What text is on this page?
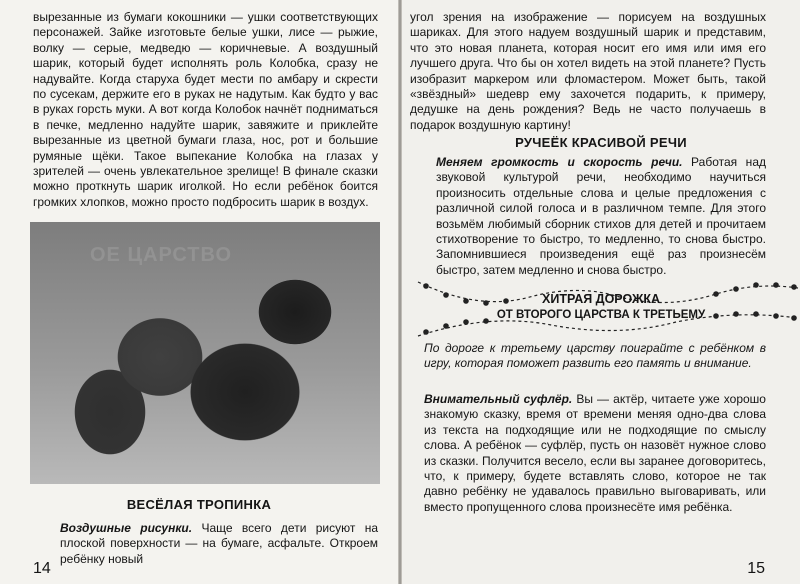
вырезанные из бумаги кокошники — ушки соответствующих персонажей. Зайке изготовьте белые ушки, лисе — рыжие, волку — серые, медведю — коричневые. А воздушный шарик, который будет исполнять роль Колобка, сразу не надувайте. Когда старуха будет мести по амбару и скрести по сусекам, держите его в руках не надутым. Как будто у вас в руках горсть муки. А вот когда Колобок начнёт подниматься в печке, медленно надуйте шарик, завяжите и приклейте вырезанные из цветной бумаги глаза, нос, рот и большие румяные щёки. Такое выпекание Колобка на глазах у зрителей — очень увлекательное зрелище! В финале сказки можно проткнуть шарик иголкой. Но если ребёнок боится громких хлопков, можно просто подбросить шарик в воздух.

ОЕ ЦАРСТВО
ВЕСЁЛАЯ ТРОПИНКА

Воздушные рисунки. Чаще всего дети рисуют на плоской поверхности — на бумаге, асфальте. Откроем ребёнку новый

14

угол зрения на изображение — порисуем на воздушных шариках. Для этого надуем воздушный шарик и представим, что это новая планета, которая носит его имя или имя его лучшего друга. Что бы он хотел видеть на этой планете? Пусть изобразит маркером или фломастером. Может быть, такой «звёздный» шедевр ему захочется подарить, к примеру, дедушке на день рождения? Ведь не часто получаешь в подарок воздушную картину!

РУЧЕЁК КРАСИВОЙ РЕЧИ

Меняем громкость и скорость речи. Работая над звуковой культурой речи, необходимо научиться произносить отдельные слова и целые предложения с различной силой голоса и в различном темпе. Для этого возьмём любимый сборник стихов для детей и прочитаем стихотворение то быстро, то медленно, то снова быстро. Запомнившиеся произведения ещё раз произнесём быстро, затем медленно и снова быстро.

ХИТРАЯ ДОРОЖКА
ОТ ВТОРОГО ЦАРСТВА К ТРЕТЬЕМУ

По дороге к третьему царству поиграйте с ребёнком в игру, которая поможет развить его память и внимание.

Внимательный суфлёр. Вы — актёр, читаете уже хорошо знакомую сказку, время от времени меняя одно-два слова из текста на подходящие или не подходящие по смыслу слова. А ребёнок — суфлёр, пусть он назовёт нужное слово из сказки. Получится весело, если вы заранее договоритесь, что, к примеру, будете вставлять слово, которое не так давно ребёнку не удавалось правильно выговаривать, или вместо пропущенного слова произнесёте имя ребёнка.

15
